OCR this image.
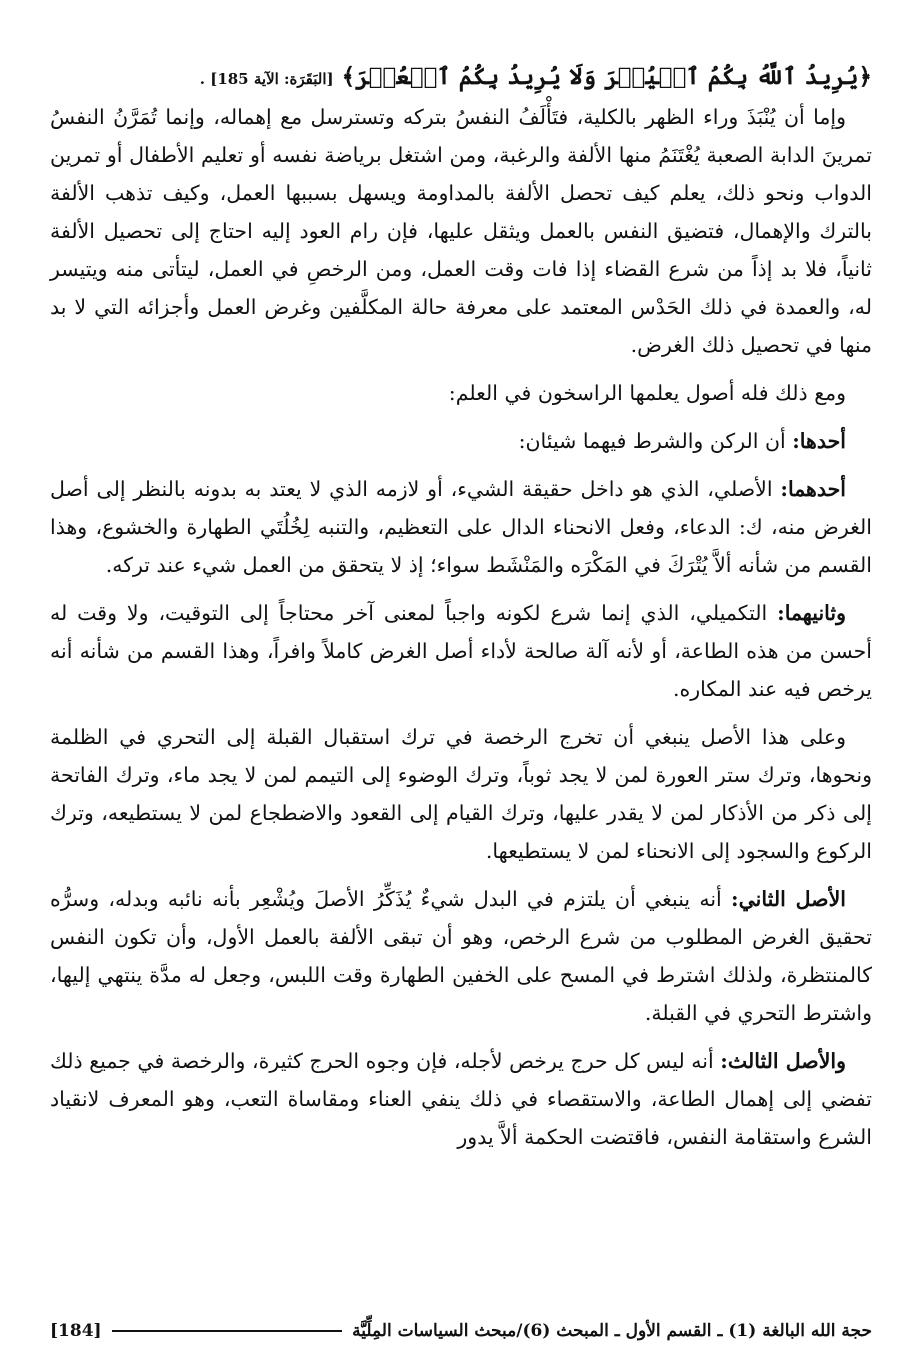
﴿يُرِيدُ ٱللَّهُ بِكُمُ ٱلۡيُسۡرَ وَلَا يُرِيدُ بِكُمُ ٱلۡعُسۡرَ﴾ [البَقَرَة: الآية 185] .

وإما أن يُنْبَذَ وراء الظهر بالكلية، فتَأْلَفُ النفسُ بتركه وتسترسل مع إهماله، وإنما تُمَرَّنُ النفسُ تمرينَ الدابة الصعبة يُغْتَنَمُ منها الألفة والرغبة، ومن اشتغل برياضة نفسه أو تعليم الأطفال أو تمرين الدواب ونحو ذلك، يعلم كيف تحصل الألفة بالمداومة ويسهل بسببها العمل، وكيف تذهب الألفة بالترك والإهمال، فتضيق النفس بالعمل ويثقل عليها، فإن رام العود إليه احتاج إلى تحصيل الألفة ثانياً، فلا بد إذاً من شرع القضاء إذا فات وقت العمل، ومن الرخصِ في العمل، ليتأتى منه ويتيسر له، والعمدة في ذلك الحَدْس المعتمد على معرفة حالة المكلَّفين وغرض العمل وأجزائه التي لا بد منها في تحصيل ذلك الغرض.

ومع ذلك فله أصول يعلمها الراسخون في العلم:

أحدها: أن الركن والشرط فيهما شيئان:

أحدهما: الأصلي، الذي هو داخل حقيقة الشيء، أو لازمه الذي لا يعتد به بدونه بالنظر إلى أصل الغرض منه، ك: الدعاء، وفعل الانحناء الدال على التعظيم، والتنبه لِخُلُتَي الطهارة والخشوع، وهذا القسم من شأنه ألاَّ يُتْرَكَ في المَكْرَه والمَنْشَط سواء؛ إذ لا يتحقق من العمل شيء عند تركه.

وثانيهما: التكميلي، الذي إنما شرع لكونه واجباً لمعنى آخر محتاجاً إلى التوقيت، ولا وقت له أحسن من هذه الطاعة، أو لأنه آلة صالحة لأداء أصل الغرض كاملاً وافراً، وهذا القسم من شأنه أنه يرخص فيه عند المكاره.

وعلى هذا الأصل ينبغي أن تخرج الرخصة في ترك استقبال القبلة إلى التحري في الظلمة ونحوها، وترك ستر العورة لمن لا يجد ثوباً، وترك الوضوء إلى التيمم لمن لا يجد ماء، وترك الفاتحة إلى ذكر من الأذكار لمن لا يقدر عليها، وترك القيام إلى القعود والاضطجاع لمن لا يستطيعه، وترك الركوع والسجود إلى الانحناء لمن لا يستطيعها.

الأصل الثاني: أنه ينبغي أن يلتزم في البدل شيءٌ يُذَكِّرُ الأصلَ ويُشْعِر بأنه نائبه وبدله، وسرُّه تحقيق الغرض المطلوب من شرع الرخص، وهو أن تبقى الألفة بالعمل الأول، وأن تكون النفس كالمنتظرة، ولذلك اشترط في المسح على الخفين الطهارة وقت اللبس، وجعل له مدَّة ينتهي إليها، واشترط التحري في القبلة.

والأصل الثالث: أنه ليس كل حرج يرخص لأجله، فإن وجوه الحرج كثيرة، والرخصة في جميع ذلك تفضي إلى إهمال الطاعة، والاستقصاء في ذلك ينفي العناء ومقاساة التعب، وهو المعرف لانقياد الشرع واستقامة النفس، فاقتضت الحكمة ألاَّ يدور

حجة الله البالغة (1) ـ القسم الأول ـ المبحث (6)/مبحث السياسات المِلِّيَّة
[184]
